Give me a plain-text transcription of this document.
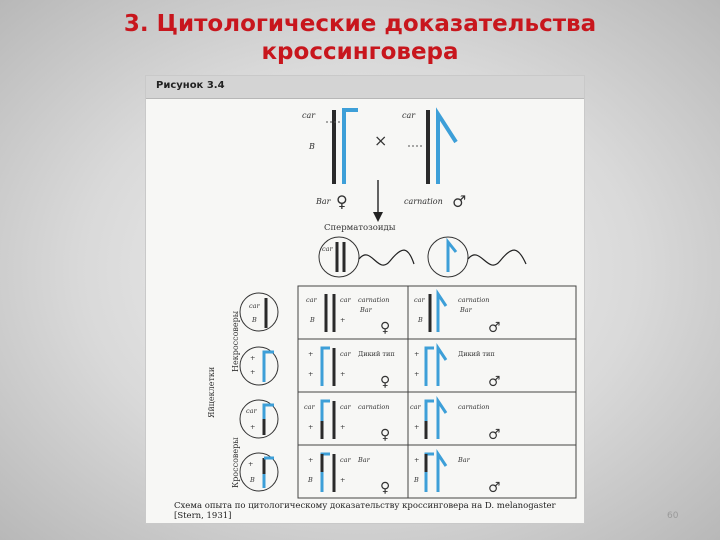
3. Цитологические доказательства
кроссинговера
Рисунок 3.4
car
B
Bar ♀
×
car
carnation ♂
Сперматозоиды
car
Яйцеклетки
Некроссоверы
Кроссоверы
car
B
car
B
car
+
carnation
Bar
♀
car
B
carnation
Bar
♂
+
+
+
+
car
+
Дикий тип
♀
+
+
Дикий тип
♂
car
+
car
+
car
+
carnation
♀
car
+
carnation
♂
+
B
+
B
car
+
Bar
♀
+
B
Bar
♂
Схема опыта по цитологическому доказательству кроссинговера на D. melanogaster [Stern, 1931]	60
